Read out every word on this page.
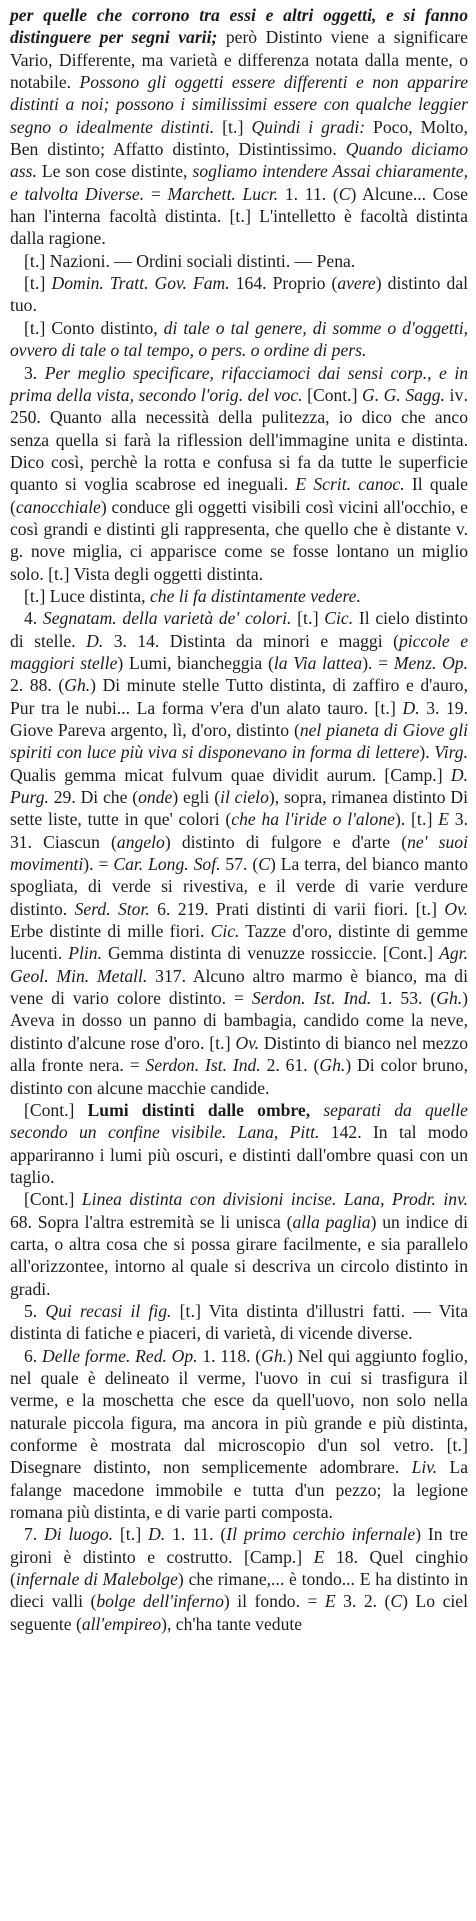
per quelle che corrono tra essi e altri oggetti, e si fanno distinguere per segni varii; però Distinto viene a significare Vario, Differente, ma varietà e differenza notata dalla mente, o notabile. Possono gli oggetti essere differenti e non apparire distinti a noi; possono i similissimi essere con qualche leggier segno o idealmente distinti. [t.] Quindi i gradi: Poco, Molto, Ben distinto; Affatto distinto, Distintissimo. Quando diciamo ass. Le son cose distinte, sogliamo intendere Assai chiaramente, e talvolta Diverse. = Marchett. Lucr. 1. 11. (C) Alcune... Cose han l'interna facoltà distinta. [t.] L'intelletto è facoltà distinta dalla ragione.

[t.] Nazioni. — Ordini sociali distinti. — Pena.

[t.] Domin. Tratt. Gov. Fam. 164. Proprio (avere) distinto dal tuo.

[t.] Conto distinto, di tale o tal genere, di somme o d'oggetti, ovvero di tale o tal tempo, o pers. o ordine di pers.

3. Per meglio specificare, rifacciamoci dai sensi corp., e in prima della vista, secondo l'orig. del voc. [Cont.] G. G. Sagg. iv. 250. Quanto alla necessità della pulitezza, io dico che anco senza quella si farà la riflession dell'immagine unita e distinta. Dico così, perchè la rotta e confusa si fa da tutte le superficie quanto si voglia scabrose ed ineguali. E Scrit. canoc. Il quale (canocchiale) conduce gli oggetti visibili così vicini all'occhio, e così grandi e distinti gli rappresenta, che quello che è distante v. g. nove miglia, ci apparisce come se fosse lontano un miglio solo. [t.] Vista degli oggetti distinta.

[t.] Luce distinta, che li fa distintamente vedere.

4. Segnatam. della varietà de' colori. [t.] Cic. Il cielo distinto di stelle. D. 3. 14. Distinta da minori e maggi (piccole e maggiori stelle) Lumi, biancheggia (la Via lattea). = Menz. Op. 2. 88. (Gh.) Di minute stelle Tutto distinta, di zaffiro e d'auro, Pur tra le nubi... La forma v'era d'un alato tauro. [t.] D. 3. 19. Giove Pareva argento, lì, d'oro, distinto (nel pianeta di Giove gli spiriti con luce più viva si disponevano in forma di lettere). Virg. Qualis gemma micat fulvum quae dividit aurum. [Camp.] D. Purg. 29. Di che (onde) egli (il cielo), sopra, rimanea distinto Di sette liste, tutte in que' colori (che ha l'iride o l'alone). [t.] E 3. 31. Ciascun (angelo) distinto di fulgore e d'arte (ne' suoi movimenti). = Car. Long. Sof. 57. (C) La terra, del bianco manto spogliata, di verde si rivestiva, e il verde di varie verdure distinto. Serd. Stor. 6. 219. Prati distinti di varii fiori. [t.] Ov. Erbe distinte di mille fiori. Cic. Tazze d'oro, distinte di gemme lucenti. Plin. Gemma distinta di venuzze rossiccie. [Cont.] Agr. Geol. Min. Metall. 317. Alcuno altro marmo è bianco, ma di vene di vario colore distinto. = Serdon. Ist. Ind. 1. 53. (Gh.) Aveva in dosso un panno di bambagia, candido come la neve, distinto d'alcune rose d'oro. [t.] Ov. Distinto di bianco nel mezzo alla fronte nera. = Serdon. Ist. Ind. 2. 61. (Gh.) Di color bruno, distinto con alcune macchie candide.

[Cont.] Lumi distinti dalle ombre, separati da quelle secondo un confine visibile. Lana, Pitt. 142. In tal modo appariranno i lumi più oscuri, e distinti dall'ombre quasi con un taglio.

[Cont.] Linea distinta con divisioni incise. Lana, Prodr. inv. 68. Sopra l'altra estremità se li unisca (alla paglia) un indice di carta, o altra cosa che si possa girare facilmente, e sia parallelo all'orizzontee, intorno al quale si descriva un circolo distinto in gradi.

5. Qui recasi il fig. [t.] Vita distinta d'illustri fatti. — Vita distinta di fatiche e piaceri, di varietà, di vicende diverse.

6. Delle forme. Red. Op. 1. 118. (Gh.) Nel qui aggiunto foglio, nel quale è delineato il verme, l'uovo in cui si trasfigura il verme, e la moschetta che esce da quell'uovo, non solo nella naturale piccola figura, ma ancora in più grande e più distinta, conforme è mostrata dal microscopio d'un sol vetro. [t.] Disegnare distinto, non semplicemente adombrare. Liv. La falange macedone immobile e tutta d'un pezzo; la legione romana più distinta, e di varie parti composta.

7. Di luogo. [t.] D. 1. 11. (Il primo cerchio infernale) In tre gironi è distinto e costrutto. [Camp.] E 18. Quel cinghio (infernale di Malebolge) che rimane,... è tondo... E ha distinto in dieci valli (bolge dell'inferno) il fondo. = E 3. 2. (C) Lo ciel seguente (all'empireo), ch'ha tante vedute
